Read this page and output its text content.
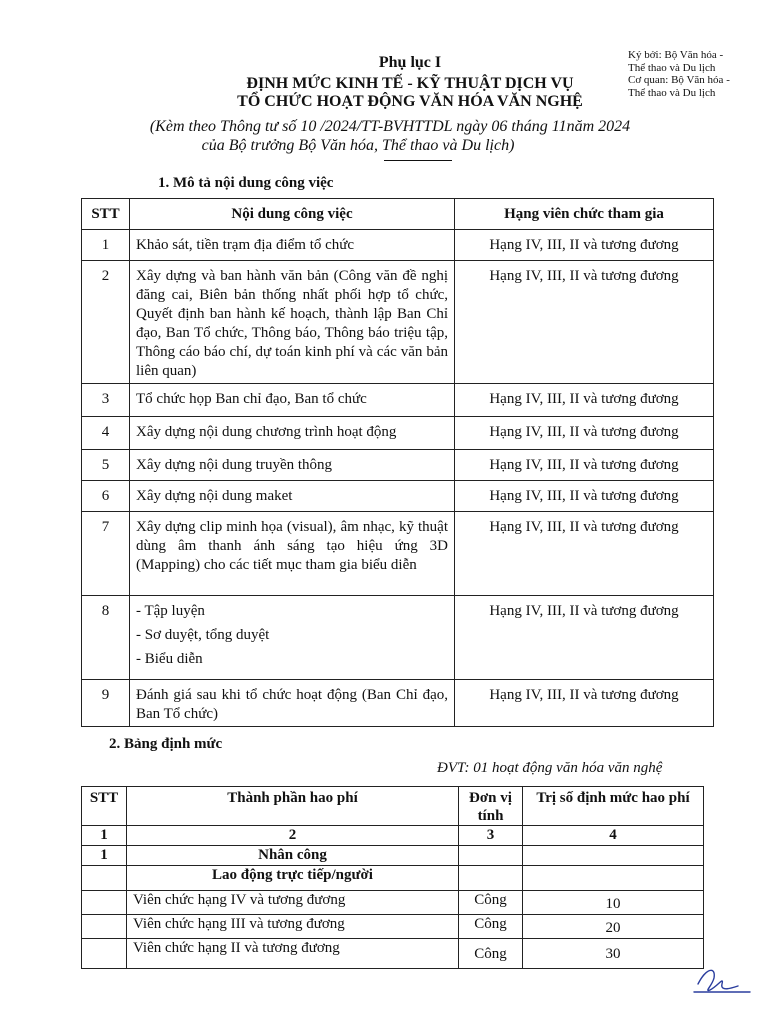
Ký bởi: Bộ Văn hóa -
Thể thao và Du lịch
Cơ quan: Bộ Văn hóa -
Thể thao và Du lịch
Phụ lục I
ĐỊNH MỨC KINH TẾ - KỸ THUẬT DỊCH VỤ
TỔ CHỨC HOẠT ĐỘNG VĂN HÓA VĂN NGHỆ
(Kèm theo Thông tư số 10 /2024/TT-BVHTTDL ngày 06 tháng 11năm 2024
của Bộ trưởng Bộ Văn hóa, Thể thao và Du lịch)
1. Mô tả nội dung công việc
STT	Nội dung công việc	Hạng viên chức tham gia
1	Khảo sát, tiền trạm địa điểm tổ chức	Hạng IV, III, II và tương đương
2	Xây dựng và ban hành văn bản (Công văn đề nghị đăng cai, Biên bản thống nhất phối hợp tổ chức, Quyết định ban hành kế hoạch, thành lập Ban Chỉ đạo, Ban Tổ chức, Thông báo, Thông báo triệu tập, Thông cáo báo chí, dự toán kinh phí và các văn bản liên quan)	Hạng IV, III, II và tương đương
3	Tổ chức họp Ban chỉ đạo, Ban tổ chức	Hạng IV, III, II và tương đương
4	Xây dựng nội dung chương trình hoạt động	Hạng IV, III, II và tương đương
5	Xây dựng nội dung truyền thông	Hạng IV, III, II và tương đương
6	Xây dựng nội dung maket	Hạng IV, III, II và tương đương
7	Xây dựng clip minh họa (visual), âm nhạc, kỹ thuật dùng âm thanh ánh sáng tạo hiệu ứng 3D (Mapping) cho các tiết mục tham gia biểu diễn	Hạng IV, III, II và tương đương
8	- Tập luyện
- Sơ duyệt, tổng duyệt
- Biểu diễn	Hạng IV, III, II và tương đương
9	Đánh giá sau khi tổ chức hoạt động (Ban Chỉ đạo, Ban Tổ chức)	Hạng IV, III, II và tương đương
2. Bảng định mức
ĐVT: 01 hoạt động văn hóa văn nghệ
STT	Thành phần hao phí	Đơn vị tính	Trị số định mức hao phí
1	2	3	4
1	Nhân công		
	Lao động trực tiếp/người		
	Viên chức hạng IV và tương đương	Công	10
	Viên chức hạng III và tương đương	Công	20
	Viên chức hạng II và tương đương	Công	30
